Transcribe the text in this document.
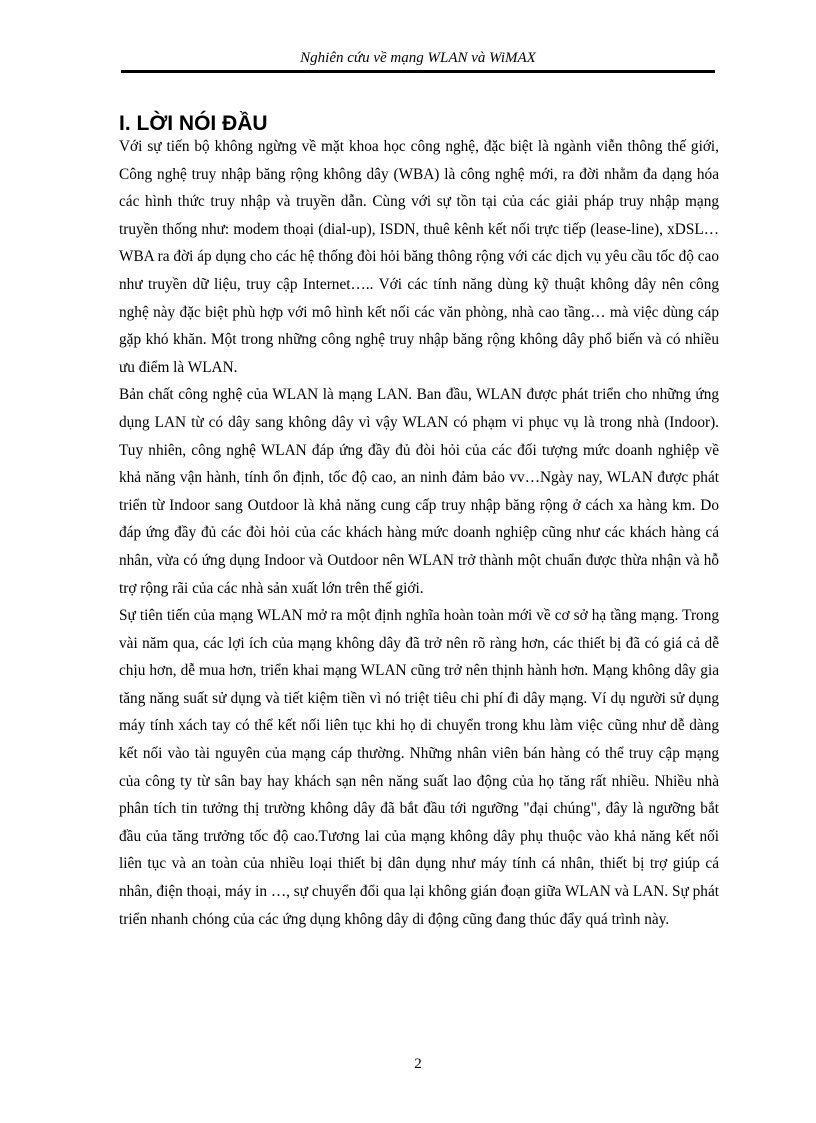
Nghiên cứu về mạng WLAN và WiMAX
I. LỜI NÓI ĐẦU

Với sự tiến bộ không ngừng về mặt khoa học công nghệ, đặc biệt là ngành viễn thông thế giới, Công nghệ truy nhập băng rộng không dây (WBA) là công nghệ mới, ra đời nhằm đa dạng hóa các hình thức truy nhập và truyền dẫn. Cùng với sự tồn tại của các giải pháp truy nhập mạng truyền thống như: modem thoại (dial-up), ISDN, thuê kênh kết nối trực tiếp (lease-line), xDSL…WBA ra đời áp dụng cho các hệ thống đòi hỏi băng thông rộng với các dịch vụ yêu cầu tốc độ cao như truyền dữ liệu, truy cập Internet….. Với các tính năng dùng kỹ thuật không dây nên công nghệ này đặc biệt phù hợp với mô hình kết nối các văn phòng, nhà cao tầng… mà việc dùng cáp gặp khó khăn. Một trong những công nghệ truy nhập băng rộng không dây phổ biến và có nhiều ưu điểm là WLAN.

Bản chất công nghệ của WLAN là mạng LAN. Ban đầu, WLAN được phát triển cho những ứng dụng LAN từ có dây sang không dây vì vậy WLAN có phạm vi phục vụ là trong nhà (Indoor). Tuy nhiên, công nghệ WLAN đáp ứng đầy đủ đòi hỏi của các đối tượng mức doanh nghiệp về khả năng vận hành, tính ổn định, tốc độ cao, an ninh đảm bảo vv…Ngày nay, WLAN được phát triển từ Indoor sang Outdoor là khả năng cung cấp truy nhập băng rộng ở cách xa hàng km. Do đáp ứng đầy đủ các đòi hỏi của các khách hàng mức doanh nghiệp cũng như các khách hàng cá nhân, vừa có ứng dụng Indoor và Outdoor nên WLAN trở thành một chuẩn được thừa nhận và hỗ trợ rộng rãi của các nhà sản xuất lớn trên thế giới.

Sự tiên tiến của mạng WLAN mở ra một định nghĩa hoàn toàn mới về cơ sở hạ tầng mạng. Trong vài năm qua, các lợi ích của mạng không dây đã trở nên rõ ràng hơn, các thiết bị đã có giá cả dễ chịu hơn, dễ mua hơn, triển khai mạng WLAN cũng trở nên thịnh hành hơn. Mạng không dây gia tăng năng suất sử dụng và tiết kiệm tiền vì nó triệt tiêu chi phí đi dây mạng. Ví dụ người sử dụng máy tính xách tay có thể kết nối liên tục khi họ di chuyển trong khu làm việc cũng như dễ dàng kết nối vào tài nguyên của mạng cáp thường. Những nhân viên bán hàng có thể truy cập mạng của công ty từ sân bay hay khách sạn nên năng suất lao động của họ tăng rất nhiều. Nhiều nhà phân tích tin tưởng thị trường không dây đã bắt đầu tới ngưỡng "đại chúng", đây là ngưỡng bắt đầu của tăng trưởng tốc độ cao.Tương lai của mạng không dây phụ thuộc vào khả năng kết nối liên tục và an toàn của nhiều loại thiết bị dân dụng như máy tính cá nhân, thiết bị trợ giúp cá nhân, điện thoại, máy in …, sự chuyển đổi qua lại không gián đoạn giữa WLAN và LAN. Sự phát triển nhanh chóng của các ứng dụng không dây di động cũng đang thúc đẩy quá trình này.

2
